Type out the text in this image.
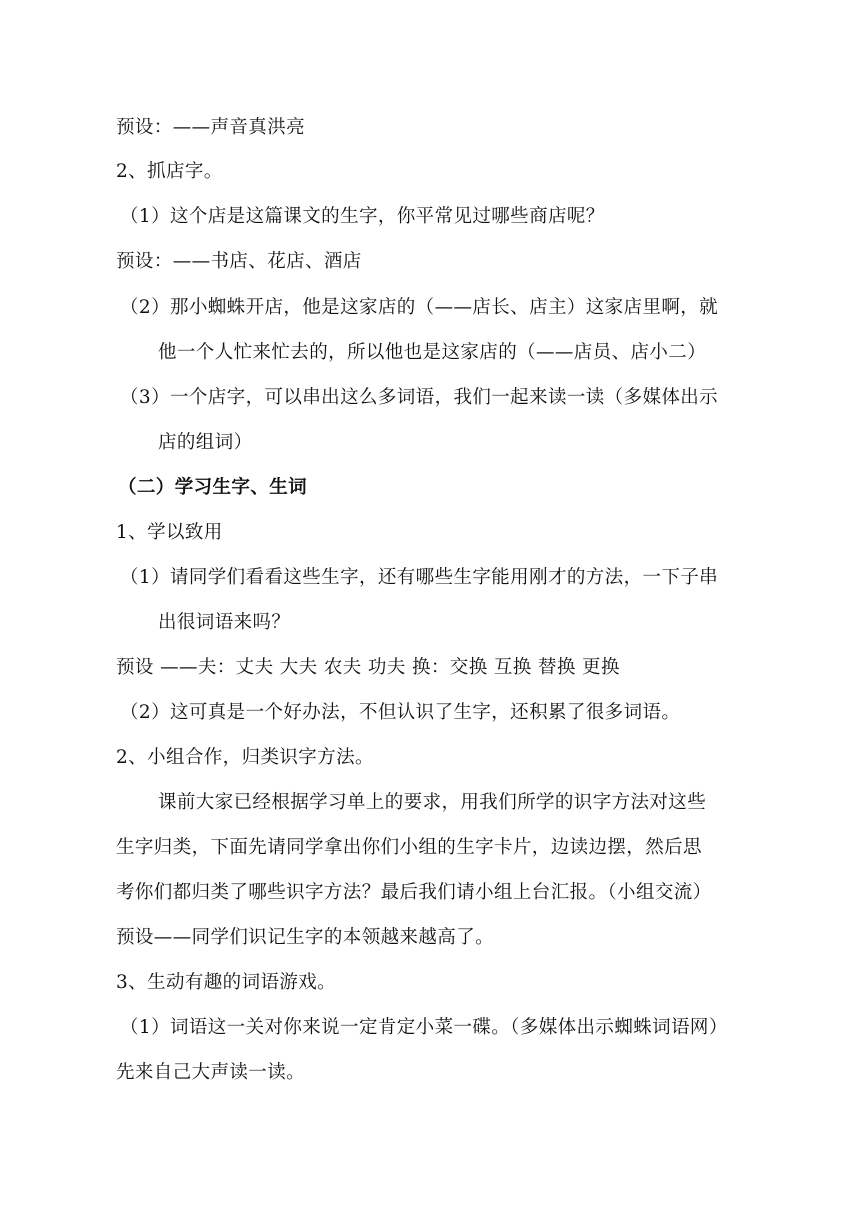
预设：——声音真洪亮
2、抓店字。
（1）这个店是这篇课文的生字，你平常见过哪些商店呢？
预设：——书店、花店、酒店
（2）那小蜘蛛开店，他是这家店的（——店长、店主）这家店里啊，就
他一个人忙来忙去的，所以他也是这家店的（——店员、店小二）
（3）一个店字，可以串出这么多词语，我们一起来读一读（多媒体出示
店的组词）
（二）学习生字、生词
1、学以致用
（1）请同学们看看这些生字，还有哪些生字能用刚才的方法，一下子串
出很词语来吗？
预设 ——夫：丈夫 大夫 农夫 功夫 换：交换 互换 替换 更换
（2）这可真是一个好办法，不但认识了生字，还积累了很多词语。
2、小组合作，归类识字方法。
课前大家已经根据学习单上的要求，用我们所学的识字方法对这些
生字归类，下面先请同学拿出你们小组的生字卡片，边读边摆，然后思
考你们都归类了哪些识字方法？最后我们请小组上台汇报。（小组交流）
预设——同学们识记生字的本领越来越高了。
3、生动有趣的词语游戏。
（1）词语这一关对你来说一定肯定小菜一碟。（多媒体出示蜘蛛词语网）
先来自己大声读一读。
